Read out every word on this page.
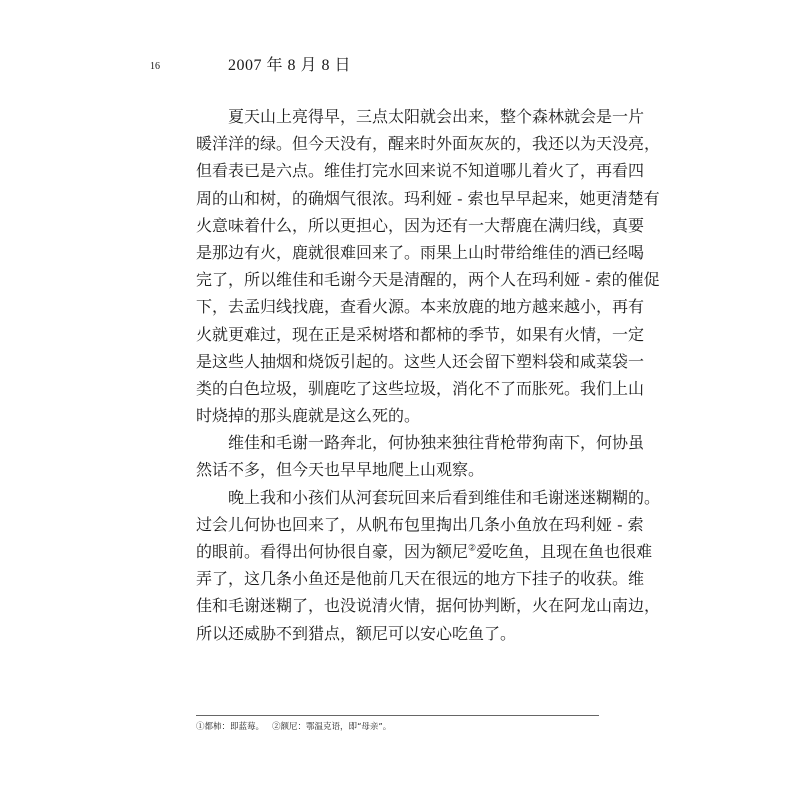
16	2007 年 8 月 8 日
夏天山上亮得早，三点太阳就会出来，整个森林就会是一片
暖洋洋的绿。但今天没有，醒来时外面灰灰的，我还以为天没亮，
但看表已是六点。维佳打完水回来说不知道哪儿着火了，再看四
周的山和树，的确烟气很浓。玛利娅 - 索也早早起来，她更清楚有
火意味着什么，所以更担心，因为还有一大帮鹿在满归线，真要
是那边有火，鹿就很难回来了。雨果上山时带给维佳的酒已经喝
完了，所以维佳和毛谢今天是清醒的，两个人在玛利娅 - 索的催促
下，去孟归线找鹿，查看火源。本来放鹿的地方越来越小，再有
火就更难过，现在正是采树塔和都柿的季节，如果有火情，一定
是这些人抽烟和烧饭引起的。这些人还会留下塑料袋和咸菜袋一
类的白色垃圾，驯鹿吃了这些垃圾，消化不了而胀死。我们上山
时烧掉的那头鹿就是这么死的。
维佳和毛谢一路奔北，何协独来独往背枪带狗南下，何协虽
然话不多，但今天也早早地爬上山观察。
晚上我和小孩们从河套玩回来后看到维佳和毛谢迷迷糊糊的。
过会儿何协也回来了，从帆布包里掏出几条小鱼放在玛利娅 - 索
的眼前。看得出何协很自豪，因为额尼②爱吃鱼，且现在鱼也很难
弄了，这几条小鱼还是他前几天在很远的地方下挂子的收获。维
佳和毛谢迷糊了，也没说清火情，据何协判断，火在阿龙山南边，
所以还威胁不到猎点，额尼可以安心吃鱼了。
①都柿：即蓝莓。 ②额尼：鄂温克语，即“母亲”。
